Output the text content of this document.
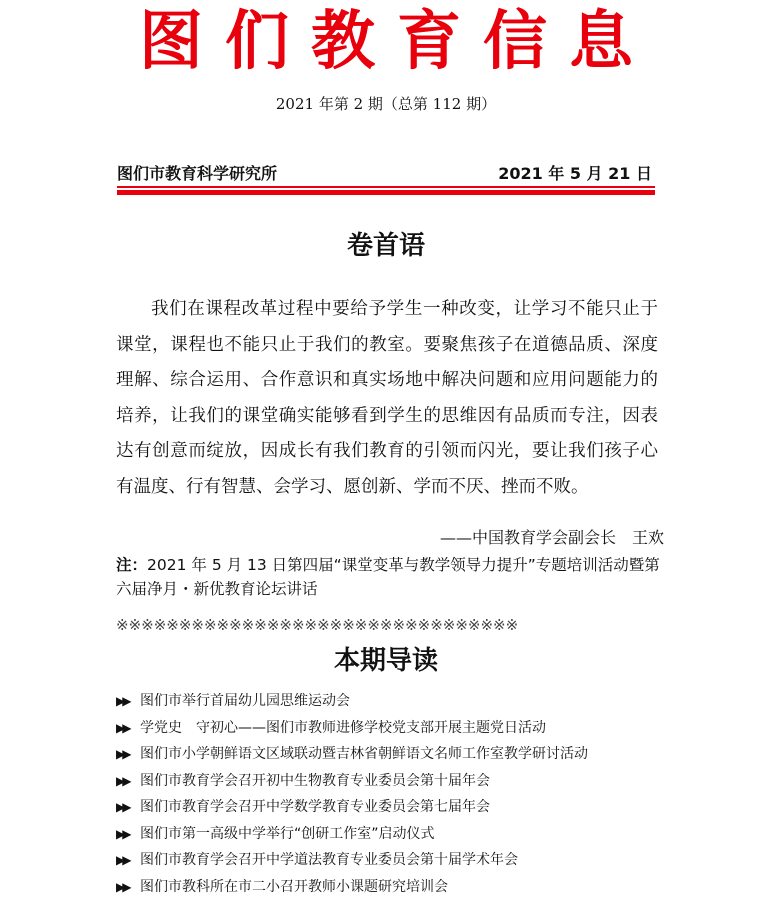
图们教育信息
2021 年第 2 期（总第 112 期）
图们市教育科学研究所	2021 年 5 月 21 日
卷首语
我们在课程改革过程中要给予学生一种改变，让学习不能只止于课堂，课程也不能只止于我们的教室。要聚焦孩子在道德品质、深度理解、综合运用、合作意识和真实场地中解决问题和应用问题能力的培养，让我们的课堂确实能够看到学生的思维因有品质而专注，因表达有创意而绽放，因成长有我们教育的引领而闪光，要让我们孩子心有温度、行有智慧、会学习、愿创新、学而不厌、挫而不败。
——中国教育学会副会长　王欢
注：2021 年 5 月 13 日第四届“课堂变革与教学领导力提升”专题培训活动暨第六届净月・新优教育论坛讲话
※※※※※※※※※※※※※※※※※※※※※※※※※※※※※※※※
本期导读
▶▶ 图们市举行首届幼儿园思维运动会
▶▶ 学党史　守初心——图们市教师进修学校党支部开展主题党日活动
▶▶ 图们市小学朝鲜语文区域联动暨吉林省朝鲜语文名师工作室教学研讨活动
▶▶ 图们市教育学会召开初中生物教育专业委员会第十届年会
▶▶ 图们市教育学会召开中学数学教育专业委员会第七届年会
▶▶ 图们市第一高级中学举行“创研工作室”启动仪式
▶▶ 图们市教育学会召开中学道法教育专业委员会第十届学术年会
▶▶ 图们市教科所在市二小召开教师小课题研究培训会
